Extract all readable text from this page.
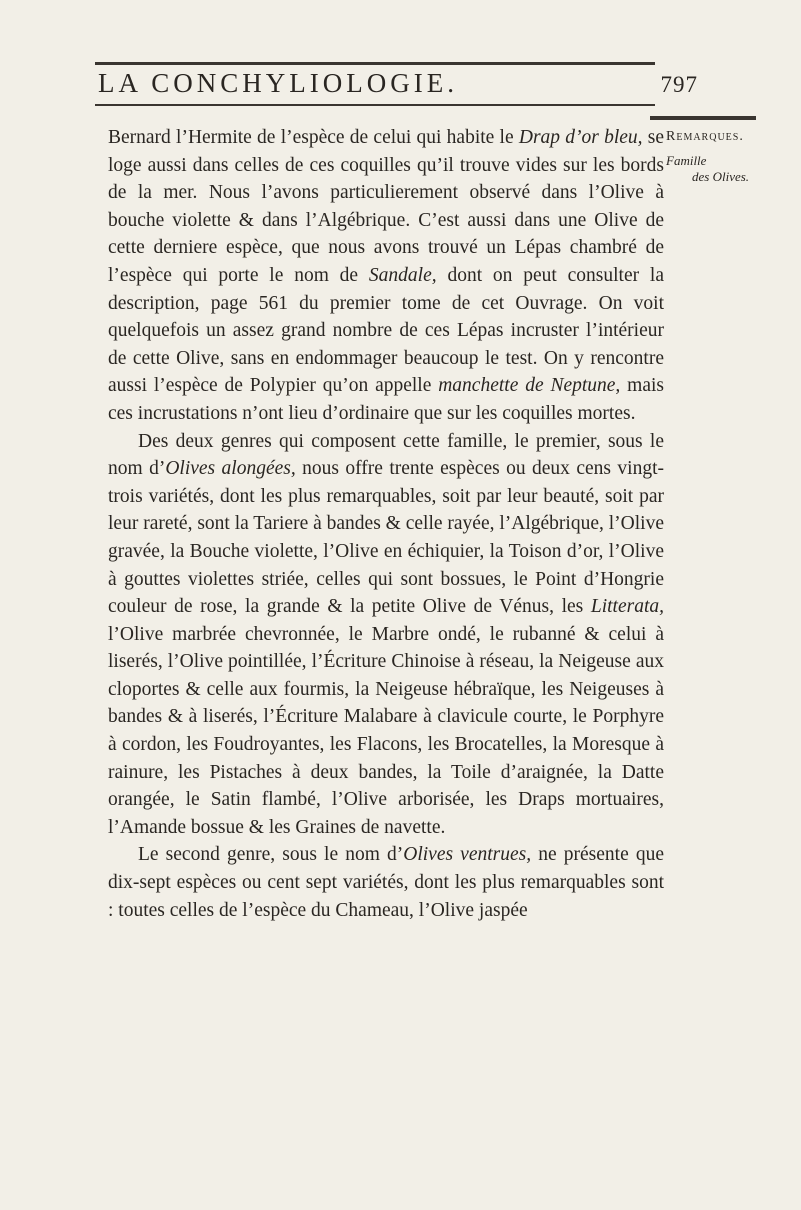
LA CONCHYLIOLOGIE.	797
Remarques.
Famille
des Olives.

Bernard l’Hermite de l’espèce de celui qui habite le Drap d’or bleu, se loge aussi dans celles de ces coquilles qu’il trouve vides sur les bords de la mer. Nous l’avons particulierement observé dans l’Olive à bouche violette & dans l’Algébrique. C’est aussi dans une Olive de cette derniere espèce, que nous avons trouvé un Lépas chambré de l’espèce qui porte le nom de Sandale, dont on peut consulter la description, page 561 du premier tome de cet Ouvrage. On voit quelquefois un assez grand nombre de ces Lépas incruster l’intérieur de cette Olive, sans en endommager beaucoup le test. On y rencontre aussi l’espèce de Polypier qu’on appelle manchette de Neptune, mais ces incrustations n’ont lieu d’ordinaire que sur les coquilles mortes.

Des deux genres qui composent cette famille, le premier, sous le nom d’Olives alongées, nous offre trente espèces ou deux cens vingt-trois variétés, dont les plus remarquables, soit par leur beauté, soit par leur rareté, sont la Tariere à bandes & celle rayée, l’Algébrique, l’Olive gravée, la Bouche violette, l’Olive en échiquier, la Toison d’or, l’Olive à gouttes violettes striée, celles qui sont bossues, le Point d’Hongrie couleur de rose, la grande & la petite Olive de Vénus, les Litterata, l’Olive marbrée chevronnée, le Marbre ondé, le rubanné & celui à liserés, l’Olive pointillée, l’Écriture Chinoise à réseau, la Neigeuse aux cloportes & celle aux fourmis, la Neigeuse hébraïque, les Neigeuses à bandes & à liserés, l’Écriture Malabare à clavicule courte, le Porphyre à cordon, les Foudroyantes, les Flacons, les Brocatelles, la Moresque à rainure, les Pistaches à deux bandes, la Toile d’araignée, la Datte orangée, le Satin flambé, l’Olive arborisée, les Draps mortuaires, l’Amande bossue & les Graines de navette.

Le second genre, sous le nom d’Olives ventrues, ne présente que dix-sept espèces ou cent sept variétés, dont les plus remarquables sont : toutes celles de l’espèce du Chameau, l’Olive jaspée
